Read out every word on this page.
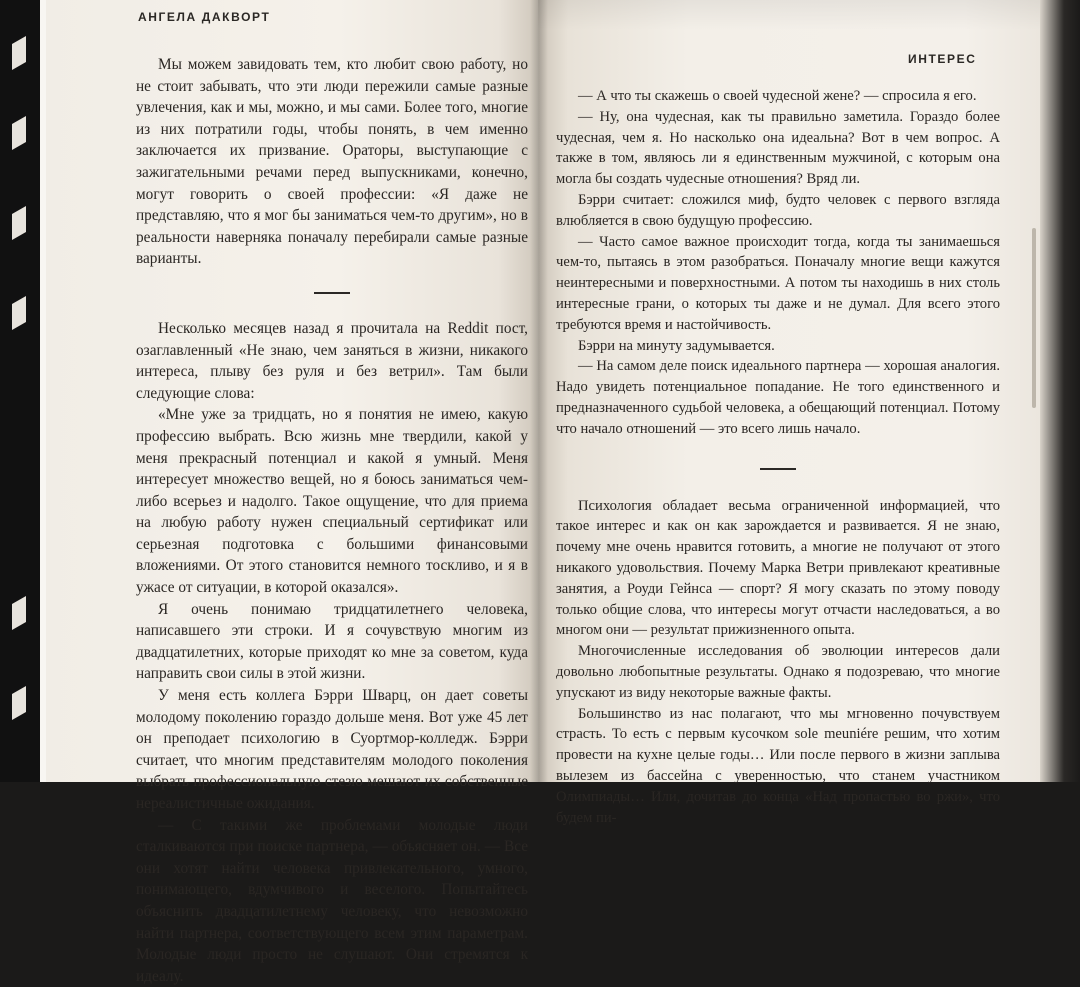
АНГЕЛА ДАКВОРТ

Мы можем завидовать тем, кто любит свою работу, но не стоит забывать, что эти люди пережили самые разные увлечения, как и мы, можно, и мы сами. Более того, многие из них потратили годы, чтобы понять, в чем именно заключается их призвание. Ораторы, выступающие с зажигательными речами перед выпускниками, конечно, могут говорить о своей профессии: «Я даже не представляю, что я мог бы заниматься чем-то другим», но в реальности наверняка поначалу перебирали самые разные варианты.

Несколько месяцев назад я прочитала на Reddit пост, озаглавленный «Не знаю, чем заняться в жизни, никакого интереса, плыву без руля и без ветрил». Там были следующие слова:

«Мне уже за тридцать, но я понятия не имею, какую профессию выбрать. Всю жизнь мне твердили, какой у меня прекрасный потенциал и какой я умный. Меня интересует множество вещей, но я боюсь заниматься чем-либо всерьез и надолго. Такое ощущение, что для приема на любую работу нужен специальный сертификат или серьезная подготовка с большими финансовыми вложениями. От этого становится немного тоскливо, и я в ужасе от ситуации, в которой оказался».

Я очень понимаю тридцатилетнего человека, написавшего эти строки. И я сочувствую многим из двадцатилетних, которые приходят ко мне за советом, куда направить свои силы в этой жизни.

У меня есть коллега Бэрри Шварц, он дает советы молодому поколению гораздо дольше меня. Вот уже 45 лет он преподает психологию в Суортмор-колледж. Бэрри считает, что многим представителям молодого поколения выбрать профессиональную стезю мешают их собственные нереалистичные ожидания.

— С такими же проблемами молодые люди сталкиваются при поиске партнера, — объясняет он. — Все они хотят найти человека привлекательного, умного, понимающего, вдумчивого и веселого. Попытайтесь объяснить двадцатилетнему человеку, что невозможно найти партнера, соответствующего всем этим параметрам. Молодые люди просто не слушают. Они стремятся к идеалу.

ИНТЕРЕС

— А что ты скажешь о своей чудесной жене? — спросила я его.

— Ну, она чудесная, как ты правильно заметила. Гораздо более чудесная, чем я. Но насколько она идеальна? Вот в чем вопрос. А также в том, являюсь ли я единственным мужчиной, с которым она могла бы создать чудесные отношения? Вряд ли.

Бэрри считает: сложился миф, будто человек с первого взгляда влюбляется в свою будущую профессию.

— Часто самое важное происходит тогда, когда ты занимаешься чем-то, пытаясь в этом разобраться. Поначалу многие вещи кажутся неинтересными и поверхностными. А потом ты находишь в них столь интересные грани, о которых ты даже и не думал. Для всего этого требуются время и настойчивость.

Бэрри на минуту задумывается.

— На самом деле поиск идеального партнера — хорошая аналогия. Надо увидеть потенциальное попадание. Не того единственного и предназначенного судьбой человека, а обещающий потенциал. Потому что начало отношений — это всего лишь начало.

Психология обладает весьма ограниченной информацией, что такое интерес и как он как зарождается и развивается. Я не знаю, почему мне очень нравится готовить, а многие не получают от этого никакого удовольствия. Почему Марка Ветри привлекают креативные занятия, а Роуди Гейнса — спорт? Я могу сказать по этому поводу только общие слова, что интересы могут отчасти наследоваться, а во многом они — результат прижизненного опыта.

Многочисленные исследования об эволюции интересов дали довольно любопытные результаты. Однако я подозреваю, что многие упускают из виду некоторые важные факты.

Большинство из нас полагают, что мы мгновенно почувствуем страсть. То есть с первым кусочком sole meuniére решим, что хотим провести на кухне целые годы… Или после первого в жизни заплыва вылезем из бассейна с уверенностью, что станем участником Олимпиады… Или, дочитав до конца «Над пропастью во ржи», что будем пи-
